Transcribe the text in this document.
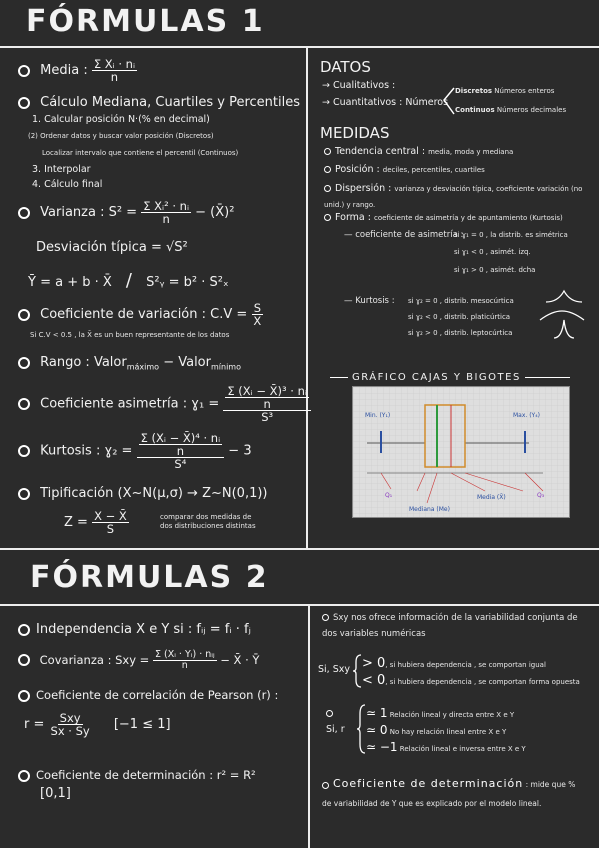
FÓRMULAS 1
Media : $\frac{\text{Σ Xᵢ · nᵢ}}{n}$
Cálculo Mediana, Cuartiles y Percentiles
1. Calcular posición N·(% en decimal)
(2) Ordenar datos y buscar valor posición (Discretos)
Localizar intervalo que contiene el percentil (Continuos)
3. Interpolar
4. Cálculo final
Varianza : $S^2 = \frac{\text{Σ Xᵢ² · nᵢ}}{n}$ − (X̄)²
Desviación típica = √S²
Ȳ = a + b · X̄ / S²ᵧ = b² · S²ₓ
Coeficiente de variación : $C.V = \frac{S}{X̄}$
Si C.V < 0.5 , la X̄ es un buen representante de los datos
Rango : Valor$_{máximo}$ − Valor$_{mínimo}$
Coeficiente asimetría : ɣ₁ = $\frac{\frac{\text{Σ (Xᵢ − X̄)³ · nᵢ}}{n}}{\text{S³}}$
Kurtosis : ɣ₂ = $\frac{\frac{\text{Σ (Xᵢ − X̄)⁴ · nᵢ}}{n}}{\text{S⁴}} - 3$
Tipificación (X~N(μ,σ) → Z~N(0,1))
$Z = \frac{X - X̄}{S}$	comparar dos medidas de dos distribuciones distintas
DATOS
→ Cualitativos :
→ Cuantitativos : Números
Discretos Números enteros
Continuos Números decimales
MEDIDAS
Tendencia central : media, moda y mediana
Posición : deciles, percentiles, cuartiles
Dispersión : varianza y desviación típica, coeficiente variación (no unid.) y rango.
Forma : coeficiente de asimetría y de apuntamiento (Kurtosis)
— coeficiente de asimetría :
si ɣ₁ = 0 , la distrib. es simétrica
si ɣ₁ < 0 , asimét. izq.
si ɣ₁ > 0 , asimét. dcha
— Kurtosis : si ɣ₂ = 0 , distrib. mesocúrtica
si ɣ₂ < 0 , distrib. platicúrtica
si ɣ₂ > 0 , distrib. leptocúrtica
GRÁFICO CAJAS Y BIGOTES
Min. (Y₁)	Max. (Y₄)
Q₁	Q₃
Mediana (Me)
Media (X̄)
FÓRMULAS 2
Independencia X e Y si : fᵢⱼ = fᵢ · fⱼ
Covarianza : Sxy = $\frac{\text{Σ (Xᵢ · Yᵢ) · nᵢⱼ}}{n}$ − X̄ · Ȳ
Coeficiente de correlación de Pearson (r) :
$r = \frac{\text{Sxy}}{Sx \cdot Sy} [-1 \le 1]$
Coeficiente de determinación : r² = R²
[0,1]
Sxy nos ofrece información de la variabilidad conjunta de dos variables numéricas
Si, Sxy > 0, si hubiera dependencia , se comportan igual
< 0, si hubiera dependencia , se comportan forma opuesta
Si, r
≃ 1 Relación lineal y directa entre X e Y
≃ 0 No hay relación lineal entre X e Y
≃ −1 Relación lineal e inversa entre X e Y
Coeficiente de determinación : mide que % de variabilidad de Y que es explicado por el modelo lineal.
